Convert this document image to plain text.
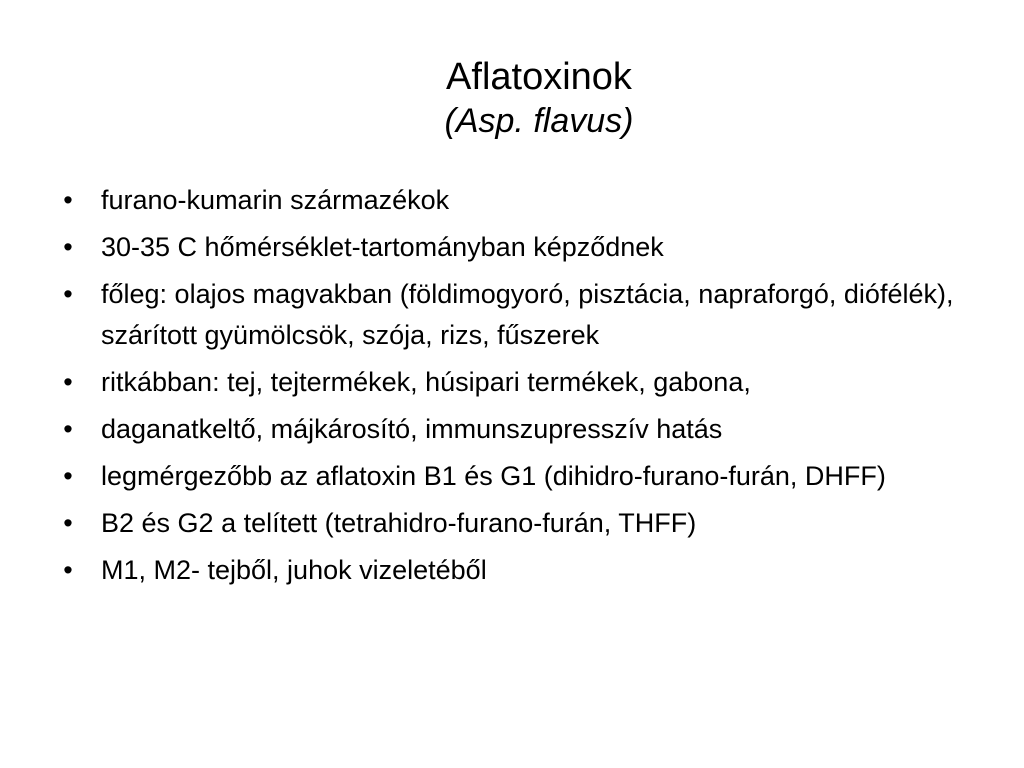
Aflatoxinok

(Asp. flavus)

• furano-kumarin származékok
• 30-35 C hőmérséklet-tartományban képződnek
• főleg: olajos magvakban (földimogyoró, pisztácia, napraforgó, diófélék), szárított gyümölcsök, szója, rizs, fűszerek
• ritkábban: tej, tejtermékek, húsipari termékek, gabona,
• daganatkeltő, májkárosító, immunszupresszív hatás
• legmérgezőbb az aflatoxin B1 és G1 (dihidro-furano-furán, DHFF)
• B2 és G2 a telített (tetrahidro-furano-furán, THFF)
• M1, M2- tejből, juhok vizeletéből
